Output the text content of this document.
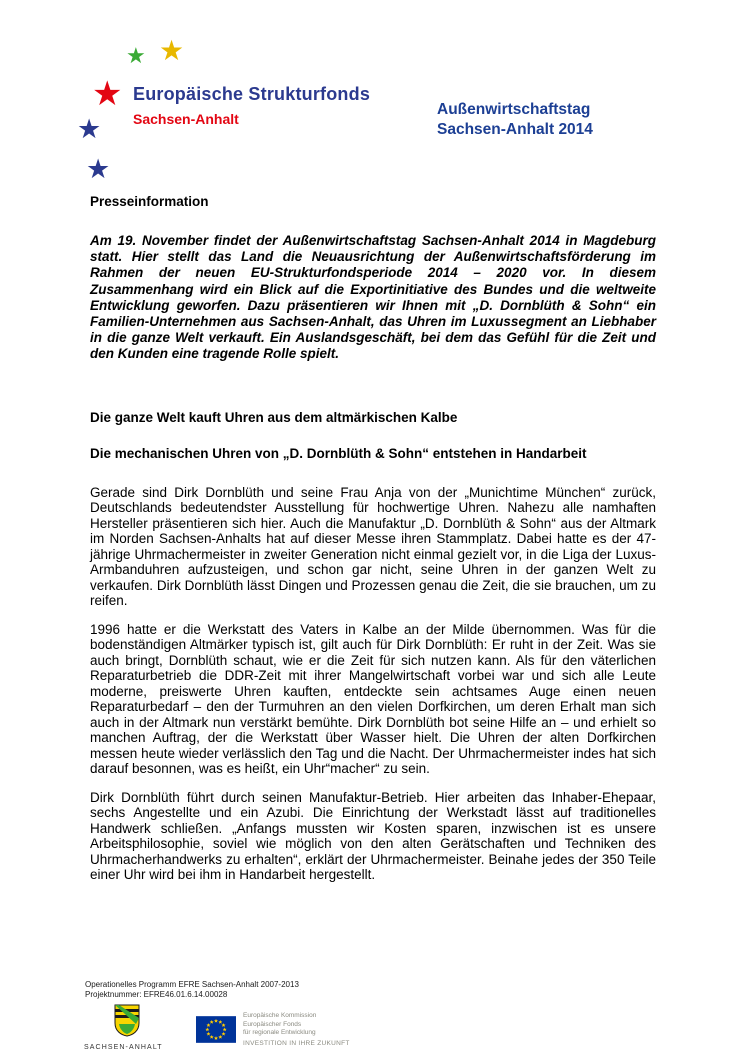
★ ★
★
★
★
Europäische Strukturfonds
Sachsen-Anhalt
Außenwirtschaftstag
Sachsen-Anhalt 2014

Presseinformation

Am 19. November findet der Außenwirtschaftstag Sachsen-Anhalt 2014 in Magdeburg statt. Hier stellt das Land die Neuausrichtung der Außenwirtschaftsförderung im Rahmen der neuen EU-Strukturfondsperiode 2014 – 2020 vor. In diesem Zusammenhang wird ein Blick auf die Exportinitiative des Bundes und die weltweite Entwicklung geworfen. Dazu präsentieren wir Ihnen mit „D. Dornblüth & Sohn“ ein Familien-Unternehmen aus Sachsen-Anhalt, das Uhren im Luxussegment an Liebhaber in die ganze Welt verkauft. Ein Auslandsgeschäft, bei dem das Gefühl für die Zeit und den Kunden eine tragende Rolle spielt.

Die ganze Welt kauft Uhren aus dem altmärkischen Kalbe
Die mechanischen Uhren von „D. Dornblüth & Sohn“ entstehen in Handarbeit

Gerade sind Dirk Dornblüth und seine Frau Anja von der „Munichtime München“ zurück, Deutschlands bedeutendster Ausstellung für hochwertige Uhren. Nahezu alle namhaften Hersteller präsentieren sich hier. Auch die Manufaktur „D. Dornblüth & Sohn“ aus der Altmark im Norden Sachsen-Anhalts hat auf dieser Messe ihren Stammplatz. Dabei hatte es der 47-jährige Uhrmachermeister in zweiter Generation nicht einmal gezielt vor, in die Liga der Luxus-Armbanduhren aufzusteigen, und schon gar nicht, seine Uhren in der ganzen Welt zu verkaufen. Dirk Dornblüth lässt Dingen und Prozessen genau die Zeit, die sie brauchen, um zu reifen.

1996 hatte er die Werkstatt des Vaters in Kalbe an der Milde übernommen. Was für die bodenständigen Altmärker typisch ist, gilt auch für Dirk Dornblüth: Er ruht in der Zeit. Was sie auch bringt, Dornblüth schaut, wie er die Zeit für sich nutzen kann. Als für den väterlichen Reparaturbetrieb die DDR-Zeit mit ihrer Mangelwirtschaft vorbei war und sich alle Leute moderne, preiswerte Uhren kauften, entdeckte sein achtsames Auge einen neuen Reparaturbedarf – den der Turmuhren an den vielen Dorfkirchen, um deren Erhalt man sich auch in der Altmark nun verstärkt bemühte. Dirk Dornblüth bot seine Hilfe an – und erhielt so manchen Auftrag, der die Werkstatt über Wasser hielt. Die Uhren der alten Dorfkirchen messen heute wieder verlässlich den Tag und die Nacht. Der Uhrmachermeister indes hat sich darauf besonnen, was es heißt, ein Uhr“macher“ zu sein.

Dirk Dornblüth führt durch seinen Manufaktur-Betrieb. Hier arbeiten das Inhaber-Ehepaar, sechs Angestellte und ein Azubi. Die Einrichtung der Werkstadt lässt auf traditionelles Handwerk schließen. „Anfangs mussten wir Kosten sparen, inzwischen ist es unsere Arbeitsphilosophie, soviel wie möglich von den alten Gerätschaften und Techniken des Uhrmacherhandwerks zu erhalten“, erklärt der Uhrmachermeister. Beinahe jedes der 350 Teile einer Uhr wird bei ihm in Handarbeit hergestellt.

Operationelles Programm EFRE Sachsen-Anhalt 2007-2013
Projektnummer: EFRE46.01.6.14.00028
SACHSEN-ANHALT
Europäische Kommission
Europäischer Fonds
für regionale Entwicklung
INVESTITION IN IHRE ZUKUNFT
